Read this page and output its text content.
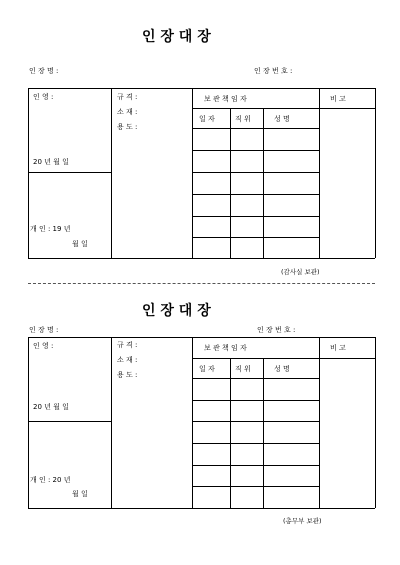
인 장 대 장
인 장 명 :	인 장 번 호 :
인 영 :	규 격 :
소 재 :
용 도 :
보 관 책 임 자	비 고
일 자	직 위	성 명
20 년 월 일
개 인 : 19 년
월 일
(감사실 보관)
인 장 대 장
인 장 명 :	인 장 번 호 :
인 영 :	규 격 :
소 재 :
용 도 :
보 관 책 임 자	비 고
일 자	직 위	성 명
20 년 월 일
개 인 : 20 년
월 일
(총무부 보관)
